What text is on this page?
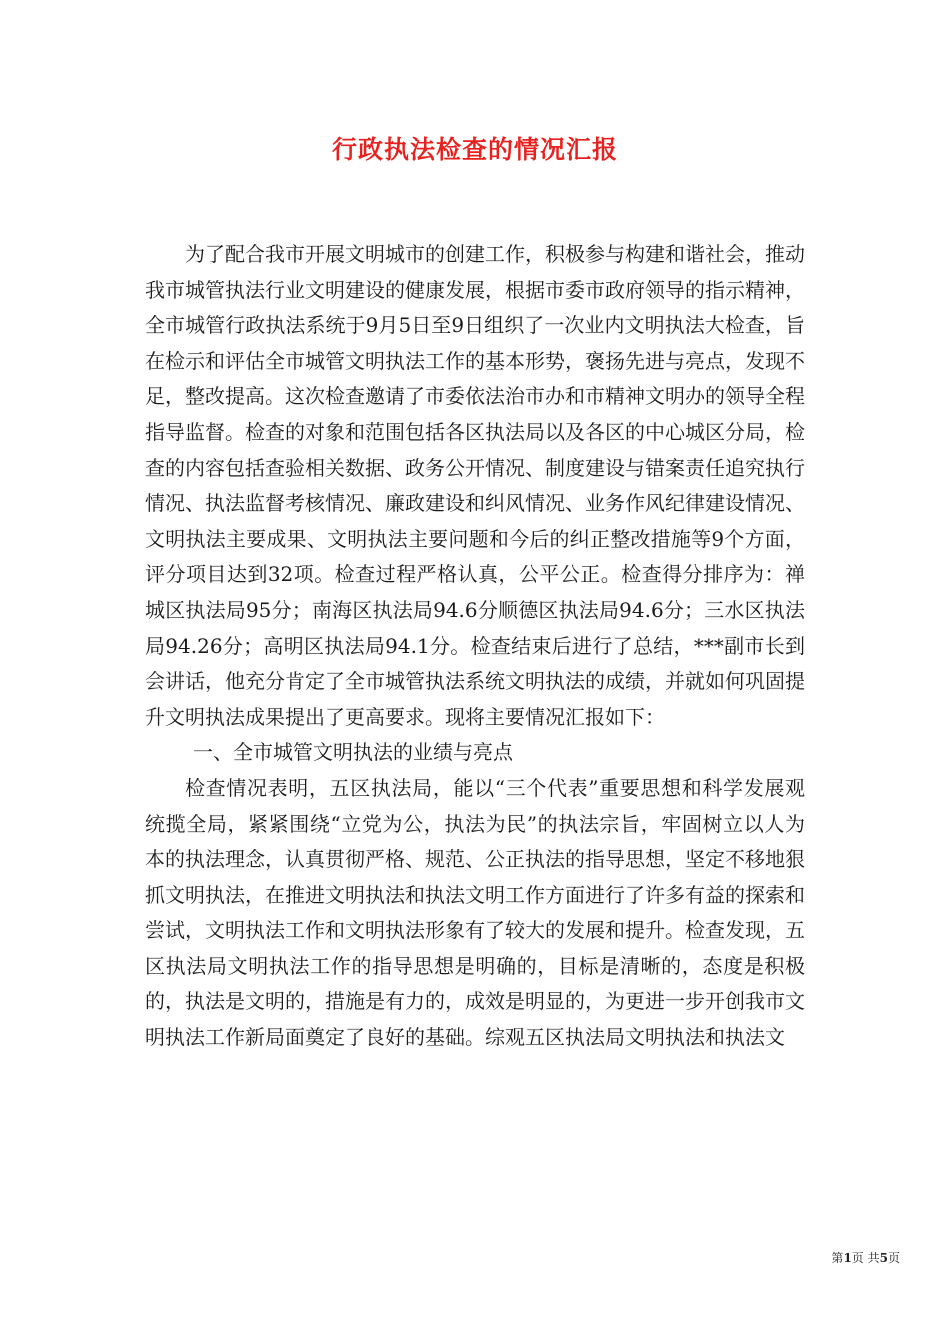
行政执法检查的情况汇报

为了配合我市开展文明城市的创建工作，积极参与构建和谐社会，推动我市城管执法行业文明建设的健康发展，根据市委市政府领导的指示精神，全市城管行政执法系统于9月5日至9日组织了一次业内文明执法大检查，旨在检示和评估全市城管文明执法工作的基本形势，褒扬先进与亮点，发现不足，整改提高。这次检查邀请了市委依法治市办和市精神文明办的领导全程指导监督。检查的对象和范围包括各区执法局以及各区的中心城区分局，检查的内容包括查验相关数据、政务公开情况、制度建设与错案责任追究执行情况、执法监督考核情况、廉政建设和纠风情况、业务作风纪律建设情况、文明执法主要成果、文明执法主要问题和今后的纠正整改措施等9个方面，评分项目达到32项。检查过程严格认真，公平公正。检查得分排序为：禅城区执法局95分；南海区执法局94.6分顺德区执法局94.6分；三水区执法局94.26分；高明区执法局94.1分。检查结束后进行了总结，***副市长到会讲话，他充分肯定了全市城管执法系统文明执法的成绩，并就如何巩固提升文明执法成果提出了更高要求。现将主要情况汇报如下：

一、全市城管文明执法的业绩与亮点

检查情况表明，五区执法局，能以“三个代表”重要思想和科学发展观统揽全局，紧紧围绕“立党为公，执法为民”的执法宗旨，牢固树立以人为本的执法理念，认真贯彻严格、规范、公正执法的指导思想，坚定不移地狠抓文明执法，在推进文明执法和执法文明工作方面进行了许多有益的探索和尝试，文明执法工作和文明执法形象有了较大的发展和提升。检查发现，五区执法局文明执法工作的指导思想是明确的，目标是清晰的，态度是积极的，执法是文明的，措施是有力的，成效是明显的，为更进一步开创我市文明执法工作新局面奠定了良好的基础。综观五区执法局文明执法和执法文

第1页 共5页
